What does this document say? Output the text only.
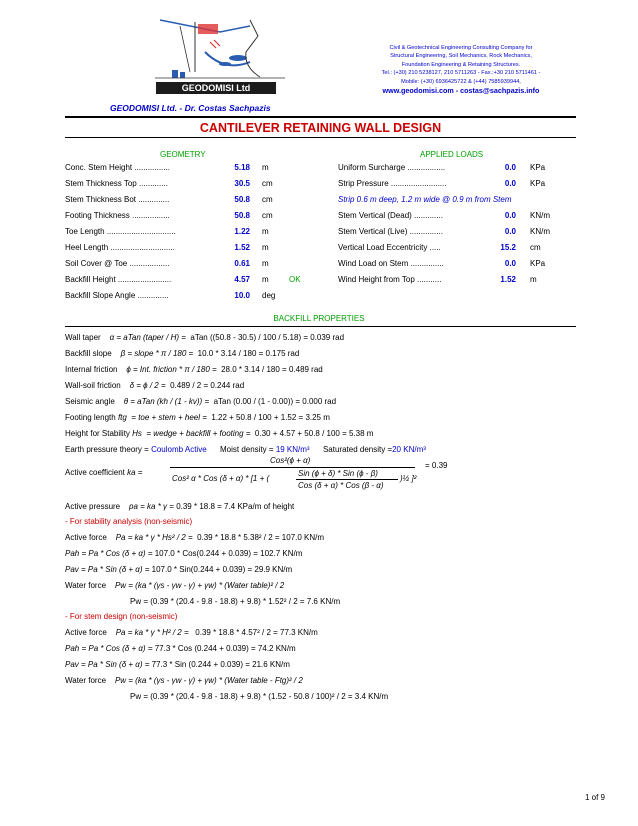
GEODOMISI Ltd
Civil & Geotechnical Engineering Consulting Company for
Structural Engineering, Soil Mechanics, Rock Mechanics,
Foundation Engineering & Retaining Structures.
Tel.: (+30) 210 5238127, 210 5711263 - Fax.:+30 210 5711461 -
Mobile: (+30) 6936425722 & (+44) 7585939944,
www.geodomisi.com - costas@sachpazis.info
GEODOMISI Ltd. - Dr. Costas Sachpazis
CANTILEVER RETAINING WALL DESIGN
GEOMETRY	APPLIED LOADS
Conc. Stem Height ................	5.18 m
Stem Thickness Top .............	30.5 cm
Stem Thickness Bot ..............	50.8 cm
Footing Thickness .................	50.8 cm
Toe Length ...............................	1.22 m
Heel Length .............................	1.52 m
Soil Cover @ Toe ..................	0.61 m
Backfill Height ........................	4.57 m	OK
Backfill Slope Angle ..............	10.0 deg
Uniform Surcharge .................	0.0 KPa
Strip Pressure .........................	0.0 KPa
Strip 0.6 m deep, 1.2 m wide @ 0.9 m from Stem
Stem Vertical (Dead) .............	0.0 KN/m
Stem Vertical (Live) ...............	0.0 KN/m
Vertical Load Eccentricity .....	15.2 cm
Wind Load on Stem ...............	0.0 KPa
Wind Height from Top ...........	1.52 m
BACKFILL PROPERTIES
Wall taper α = aTan (taper / H) = aTan ((50.8 - 30.5) / 100 / 5.18) = 0.039 rad
Backfill slope β = slope * π / 180 = 10.0 * 3.14 / 180 = 0.175 rad
Internal friction ϕ = Int. friction * π / 180 = 28.0 * 3.14 / 180 = 0.489 rad
Wall-soil friction δ = ϕ / 2 = 0.489 / 2 = 0.244 rad
Seismic angle θ = aTan (kh / (1 - kv)) = aTan (0.00 / (1 - 0.00)) = 0.000 rad
Footing length ftg = toe + stem + heel = 1.22 + 50.8 / 100 + 1.52 = 3.25 m
Height for Stability Hs = wedge + backfill + footing = 0.30 + 4.57 + 50.8 / 100 = 5.38 m
Earth pressure theory = Coulomb Active Moist density = 19 KN/m³ Saturated density =20 KN/m³
Active coefficient ka =
Cos²(ϕ + α)
Sin (ϕ + δ) * Sin (ϕ - β)
Cos² α * Cos (δ + α) * [1 + (
Cos (δ + α) * Cos (β - α)
)½ ]²
= 0.39
Active pressure pa = ka * γ = 0.39 * 18.8 = 7.4 KPa/m of height
- For stability analysis (non-seismic)
Active force Pa = ka * γ * Hs² / 2 = 0.39 * 18.8 * 5.38² / 2 = 107.0 KN/m
Pah = Pa * Cos (δ + α) = 107.0 * Cos(0.244 + 0.039) = 102.7 KN/m
Pav = Pa * Sin (δ + α) = 107.0 * Sin(0.244 + 0.039) = 29.9 KN/m
Water force Pw = (ka * (γs - γw - γ) + γw) * (Water table)² / 2
Pw = (0.39 * (20.4 - 9.8 - 18.8) + 9.8) * 1.52² / 2 = 7.6 KN/m
- For stem design (non-seismic)
Active force Pa = ka * γ * H² / 2 = 0.39 * 18.8 * 4.57² / 2 = 77.3 KN/m
Pah = Pa * Cos (δ + α) = 77.3 * Cos (0.244 + 0.039) = 74.2 KN/m
Pav = Pa * Sin (δ + α) = 77.3 * Sin (0.244 + 0.039) = 21.6 KN/m
Water force Pw = (ka * (γs - γw - γ) + γw) * (Water table - Ftg)² / 2
Pw = (0.39 * (20.4 - 9.8 - 18.8) + 9.8) * (1.52 - 50.8 / 100)² / 2 = 3.4 KN/m
1 of 9
